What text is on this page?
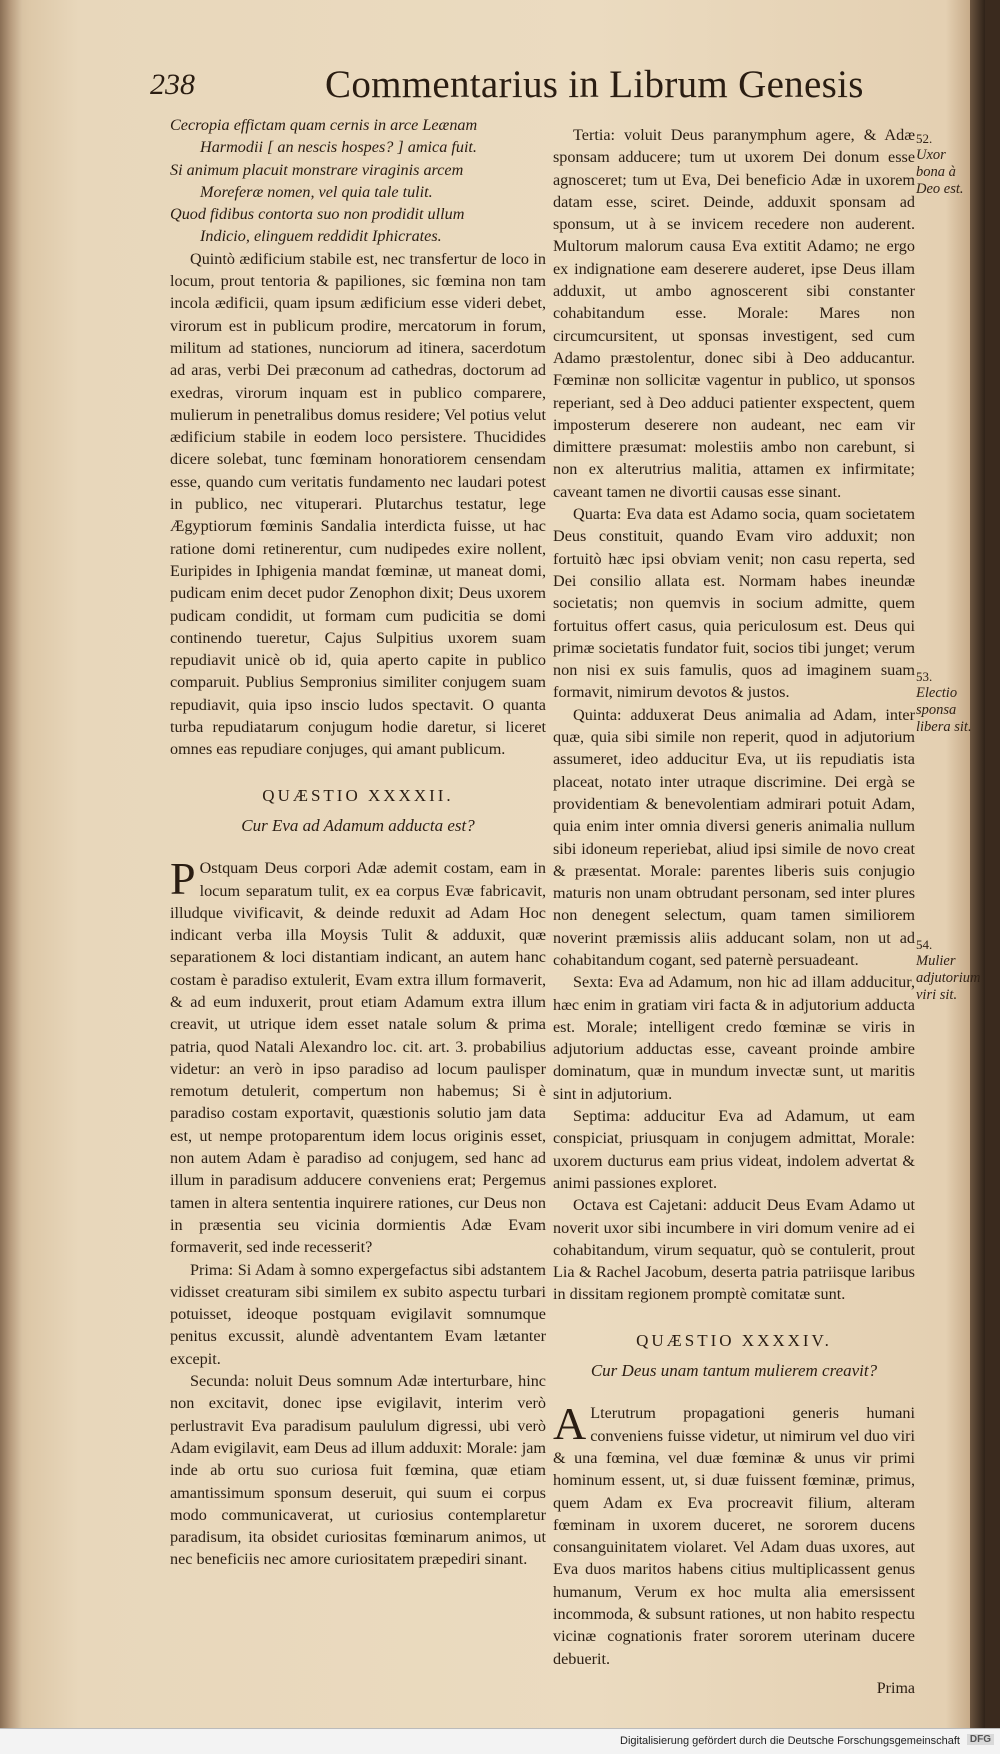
238	Commentarius in Librum Genesis
Cecropia effictam quam cernis in arce Leænam
Harmodii [ an nescis hospes? ] amica fuit.
Si animum placuit monstrare viraginis arcem
Moreferæ nomen, vel quia tale tulit.
Quod fidibus contorta suo non prodidit ullum
Indicio, elinguem reddidit Iphicrates.

Quintò ædificium stabile est, nec transfertur de loco in locum, prout tentoria & papiliones, sic fœmina non tam incola ædificii, quam ipsum ædificium esse videri debet, virorum est in publicum prodire, mercatorum in forum, militum ad stationes, nunciorum ad itinera, sacerdotum ad aras, verbi Dei præconum ad cathedras, doctorum ad exedras, virorum inquam est in publico comparere, mulierum in penetralibus domus residere; Vel potius velut ædificium stabile in eodem loco persistere. Thucidides dicere solebat, tunc fœminam honoratiorem censendam esse, quando cum veritatis fundamento nec laudari potest in publico, nec vituperari. Plutarchus testatur, lege Ægyptiorum fœminis Sandalia interdicta fuisse, ut hac ratione domi retinerentur, cum nudipedes exire nollent, Euripides in Iphigenia mandat fœminæ, ut maneat domi, pudicam enim decet pudor Zenophon dixit; Deus uxorem pudicam condidit, ut formam cum pudicitia se domi continendo tueretur, Cajus Sulpitius uxorem suam repudiavit unicè ob id, quia aperto capite in publico comparuit. Publius Sempronius similiter conjugem suam repudiavit, quia ipso inscio ludos spectavit. O quanta turba repudiatarum conjugum hodie daretur, si liceret omnes eas repudiare conjuges, qui amant publicum.

QUÆSTIO XXXXII.
Cur Eva ad Adamum adducta est?

P Ostquam Deus corpori Adæ ademit costam, eam in locum separatum tulit, ex ea corpus Evæ fabricavit, illudque vivificavit, & deinde reduxit ad Adam Hoc indicant verba illa Moysis Tulit & adduxit, quæ separationem & loci distantiam indicant, an autem hanc costam è paradiso extulerit, Evam extra illum formaverit, & ad eum induxerit, prout etiam Adamum extra illum creavit, ut utrique idem esset natale solum & prima patria, quod Natali Alexandro loc. cit. art. 3. probabilius videtur: an verò in ipso paradiso ad locum paulisper remotum detulerit, compertum non habemus; Si è paradiso costam exportavit, quæstionis solutio jam data est, ut nempe protoparentum idem locus originis esset, non autem Adam è paradiso ad conjugem, sed hanc ad illum in paradisum adducere conveniens erat; Pergemus tamen in altera sententia inquirere rationes, cur Deus non in præsentia seu vicinia dormientis Adæ Evam formaverit, sed inde recesserit?

Prima: Si Adam à somno expergefactus sibi adstantem vidisset creaturam sibi similem ex subito aspectu turbari potuisset, ideoque postquam evigilavit somnumque penitus excussit, alundè adventantem Evam lætanter excepit.

Secunda: noluit Deus somnum Adæ interturbare, hinc non excitavit, donec ipse evigilavit, interim verò perlustravit Eva paradisum paululum digressi, ubi verò Adam evigilavit, eam Deus ad illum adduxit: Morale: jam inde ab ortu suo curiosa fuit fœmina, quæ etiam amantissimum sponsum deseruit, qui suum ei corpus modo communicaverat, ut curiosius contemplaretur paradisum, ita obsidet curiositas fœminarum animos, ut nec beneficiis nec amore curiositatem præpediri sinant.

Tertia: voluit Deus paranymphum agere, & Adæ sponsam adducere; tum ut uxorem Dei donum esse agnosceret; tum ut Eva, Dei beneficio Adæ in uxorem datam esse, sciret. Deinde, adduxit sponsam ad sponsum, ut à se invicem recedere non auderent. Multorum malorum causa Eva extitit Adamo; ne ergo ex indignatione eam deserere auderet, ipse Deus illam adduxit, ut ambo agnoscerent sibi constanter cohabitandum esse. Morale: Mares non circumcursitent, ut sponsas investigent, sed cum Adamo præstolentur, donec sibi à Deo adducantur. Fœminæ non sollicitæ vagentur in publico, ut sponsos reperiant, sed à Deo adduci patienter exspectent, quem imposterum deserere non audeant, nec eam vir dimittere præsumat: molestiis ambo non carebunt, si non ex alterutrius malitia, attamen ex infirmitate; caveant tamen ne divortii causas esse sinant.

Quarta: Eva data est Adamo socia, quam societatem Deus constituit, quando Evam viro adduxit; non fortuitò hæc ipsi obviam venit; non casu reperta, sed Dei consilio allata est. Normam habes ineundæ societatis; non quemvis in socium admitte, quem fortuitus offert casus, quia periculosum est. Deus qui primæ societatis fundator fuit, socios tibi junget; verum non nisi ex suis famulis, quos ad imaginem suam formavit, nimirum devotos & justos.

Quinta: adduxerat Deus animalia ad Adam, inter quæ, quia sibi simile non reperit, quod in adjutorium assumeret, ideo adducitur Eva, ut iis repudiatis ista placeat, notato inter utraque discrimine. Dei ergà se providentiam & benevolentiam admirari potuit Adam, quia enim inter omnia diversi generis animalia nullum sibi idoneum reperiebat, aliud ipsi simile de novo creat & præsentat. Morale: parentes liberis suis conjugio maturis non unam obtrudant personam, sed inter plures non denegent selectum, quam tamen similiorem noverint præmissis aliis adducant solam, non ut ad cohabitandum cogant, sed paternè persuadeant.

Sexta: Eva ad Adamum, non hic ad illam adducitur, hæc enim in gratiam viri facta & in adjutorium adducta est. Morale; intelligent credo fœminæ se viris in adjutorium adductas esse, caveant proinde ambire dominatum, quæ in mundum invectæ sunt, ut maritis sint in adjutorium.

Septima: adducitur Eva ad Adamum, ut eam conspiciat, priusquam in conjugem admittat, Morale: uxorem ducturus eam prius videat, indolem advertat & animi passiones exploret.

Octava est Cajetani: adducit Deus Evam Adamo ut noverit uxor sibi incumbere in viri domum venire ad ei cohabitandum, virum sequatur, quò se contulerit, prout Lia & Rachel Jacobum, deserta patria patriisque laribus in dissitam regionem promptè comitatæ sunt.

QUÆSTIO XXXXIV.
Cur Deus unam tantum mulierem creavit?

A Lterutrum propagationi generis humani conveniens fuisse videtur, ut nimirum vel duo viri & una fœmina, vel duæ fœminæ & unus vir primi hominum essent, ut, si duæ fuissent fœminæ, primus, quem Adam ex Eva procreavit filium, alteram fœminam in uxorem duceret, ne sororem ducens consanguinitatem violaret. Vel Adam duas uxores, aut Eva duos maritos habens citius multiplicassent genus humanum, Verum ex hoc multa alia emersissent incommoda, & subsunt rationes, ut non habito respectu vicinæ cognationis frater sororem uterinam ducere debuerit.

Prima
52.
Uxor bona à Deo est.
53.
Electio sponsa libera sit.
54.
Mulier adjutorium viri sit.
Digitalisierung gefördert durch die Deutsche Forschungsgemeinschaft DFG
